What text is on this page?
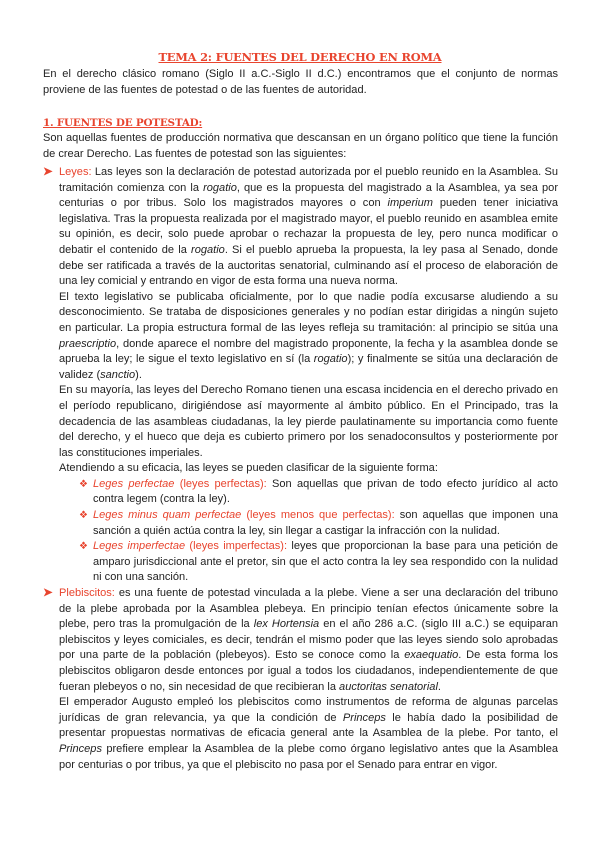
TEMA 2: FUENTES DEL DERECHO EN ROMA
En el derecho clásico romano (Siglo II a.C.-Siglo II d.C.) encontramos que el conjunto de normas proviene de las fuentes de potestad o de las fuentes de autoridad.
1. FUENTES DE POTESTAD:
Son aquellas fuentes de producción normativa que descansan en un órgano político que tiene la función de crear Derecho. Las fuentes de potestad son las siguientes:
➤ Leyes: Las leyes son la declaración de potestad autorizada por el pueblo reunido en la Asamblea. Su tramitación comienza con la rogatio, que es la propuesta del magistrado a la Asamblea, ya sea por centurias o por tribus. Solo los magistrados mayores o con imperium pueden tener iniciativa legislativa. Tras la propuesta realizada por el magistrado mayor, el pueblo reunido en asamblea emite su opinión, es decir, solo puede aprobar o rechazar la propuesta de ley, pero nunca modificar o debatir el contenido de la rogatio. Si el pueblo aprueba la propuesta, la ley pasa al Senado, donde debe ser ratificada a través de la auctoritas senatorial, culminando así el proceso de elaboración de una ley comicial y entrando en vigor de esta forma una nueva norma.
El texto legislativo se publicaba oficialmente, por lo que nadie podía excusarse aludiendo a su desconocimiento. Se trataba de disposiciones generales y no podían estar dirigidas a ningún sujeto en particular. La propia estructura formal de las leyes refleja su tramitación: al principio se sitúa una praescriptio, donde aparece el nombre del magistrado proponente, la fecha y la asamblea donde se aprueba la ley; le sigue el texto legislativo en sí (la rogatio); y finalmente se sitúa una declaración de validez (sanctio).
En su mayoría, las leyes del Derecho Romano tienen una escasa incidencia en el derecho privado en el período republicano, dirigiéndose así mayormente al ámbito público. En el Principado, tras la decadencia de las asambleas ciudadanas, la ley pierde paulatinamente su importancia como fuente del derecho, y el hueco que deja es cubierto primero por los senadoconsultos y posteriormente por las constituciones imperiales.
Atendiendo a su eficacia, las leyes se pueden clasificar de la siguiente forma:
❖ Leges perfectae (leyes perfectas): Son aquellas que privan de todo efecto jurídico al acto contra legem (contra la ley).
❖ Leges minus quam perfectae (leyes menos que perfectas): son aquellas que imponen una sanción a quién actúa contra la ley, sin llegar a castigar la infracción con la nulidad.
❖ Leges imperfectae (leyes imperfectas): leyes que proporcionan la base para una petición de amparo jurisdiccional ante el pretor, sin que el acto contra la ley sea respondido con la nulidad ni con una sanción.
➤ Plebiscitos: es una fuente de potestad vinculada a la plebe. Viene a ser una declaración del tribuno de la plebe aprobada por la Asamblea plebeya. En principio tenían efectos únicamente sobre la plebe, pero tras la promulgación de la lex Hortensia en el año 286 a.C. (siglo III a.C.) se equiparan plebiscitos y leyes comiciales, es decir, tendrán el mismo poder que las leyes siendo solo aprobadas por una parte de la población (plebeyos). Esto se conoce como la exaequatio. De esta forma los plebiscitos obligaron desde entonces por igual a todos los ciudadanos, independientemente de que fueran plebeyos o no, sin necesidad de que recibieran la auctoritas senatorial.
El emperador Augusto empleó los plebiscitos como instrumentos de reforma de algunas parcelas jurídicas de gran relevancia, ya que la condición de Princeps le había dado la posibilidad de presentar propuestas normativas de eficacia general ante la Asamblea de la plebe. Por tanto, el Princeps prefiere emplear la Asamblea de la plebe como órgano legislativo antes que la Asamblea por centurias o por tribus, ya que el plebiscito no pasa por el Senado para entrar en vigor.
